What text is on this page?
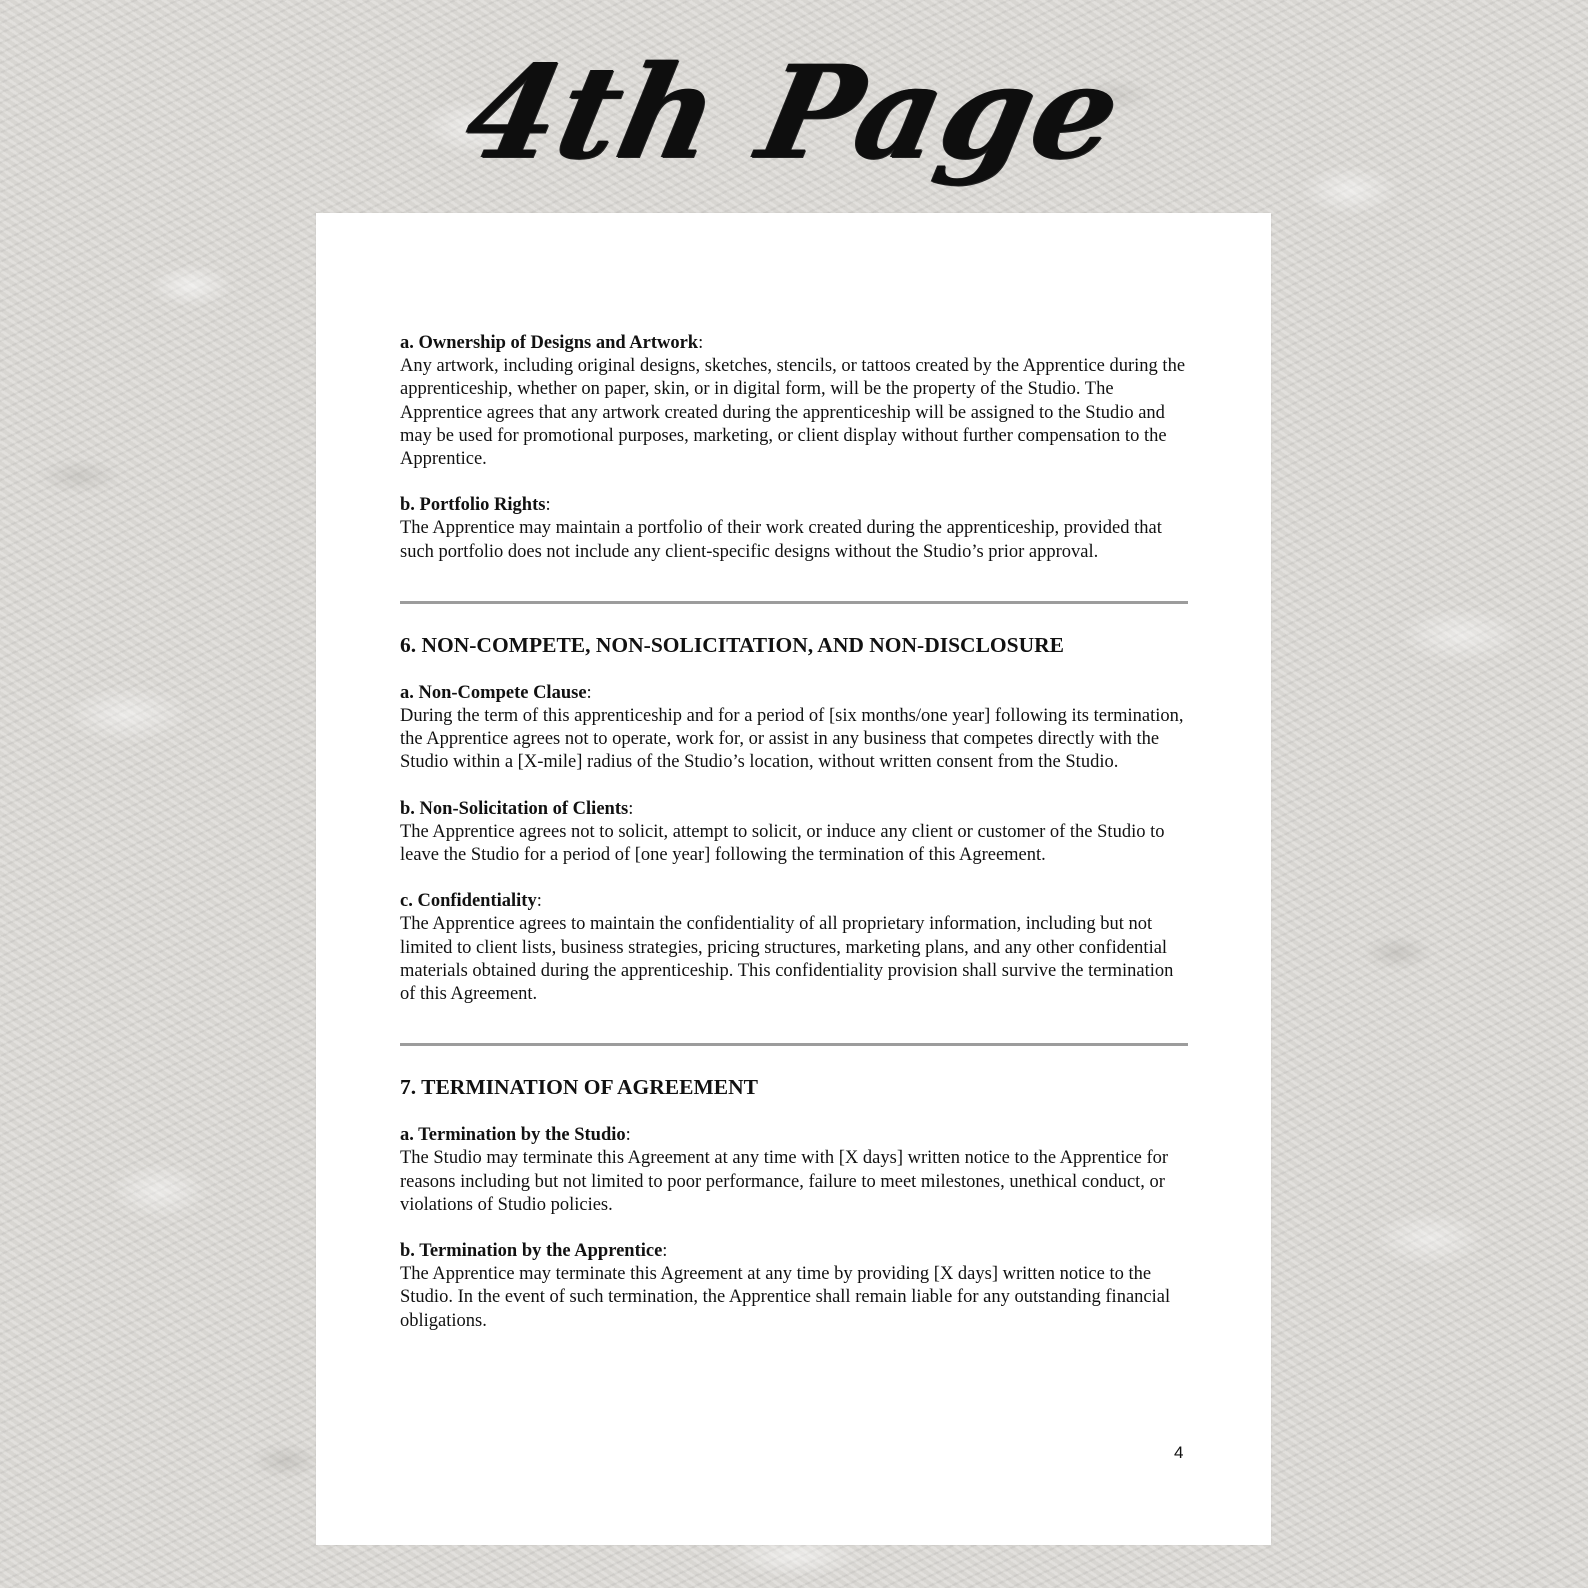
4th Page

a. Ownership of Designs and Artwork:

Any artwork, including original designs, sketches, stencils, or tattoos created by the Apprentice during the apprenticeship, whether on paper, skin, or in digital form, will be the property of the Studio. The Apprentice agrees that any artwork created during the apprenticeship will be assigned to the Studio and may be used for promotional purposes, marketing, or client display without further compensation to the Apprentice.

b. Portfolio Rights:

The Apprentice may maintain a portfolio of their work created during the apprenticeship, provided that such portfolio does not include any client-specific designs without the Studio’s prior approval.

6. NON-COMPETE, NON-SOLICITATION, AND NON-DISCLOSURE

a. Non-Compete Clause:

During the term of this apprenticeship and for a period of [six months/one year] following its termination, the Apprentice agrees not to operate, work for, or assist in any business that competes directly with the Studio within a [X-mile] radius of the Studio’s location, without written consent from the Studio.

b. Non-Solicitation of Clients:

The Apprentice agrees not to solicit, attempt to solicit, or induce any client or customer of the Studio to leave the Studio for a period of [one year] following the termination of this Agreement.

c. Confidentiality:

The Apprentice agrees to maintain the confidentiality of all proprietary information, including but not limited to client lists, business strategies, pricing structures, marketing plans, and any other confidential materials obtained during the apprenticeship. This confidentiality provision shall survive the termination of this Agreement.

7. TERMINATION OF AGREEMENT

a. Termination by the Studio:

The Studio may terminate this Agreement at any time with [X days] written notice to the Apprentice for reasons including but not limited to poor performance, failure to meet milestones, unethical conduct, or violations of Studio policies.

b. Termination by the Apprentice:

The Apprentice may terminate this Agreement at any time by providing [X days] written notice to the Studio. In the event of such termination, the Apprentice shall remain liable for any outstanding financial obligations.

4
